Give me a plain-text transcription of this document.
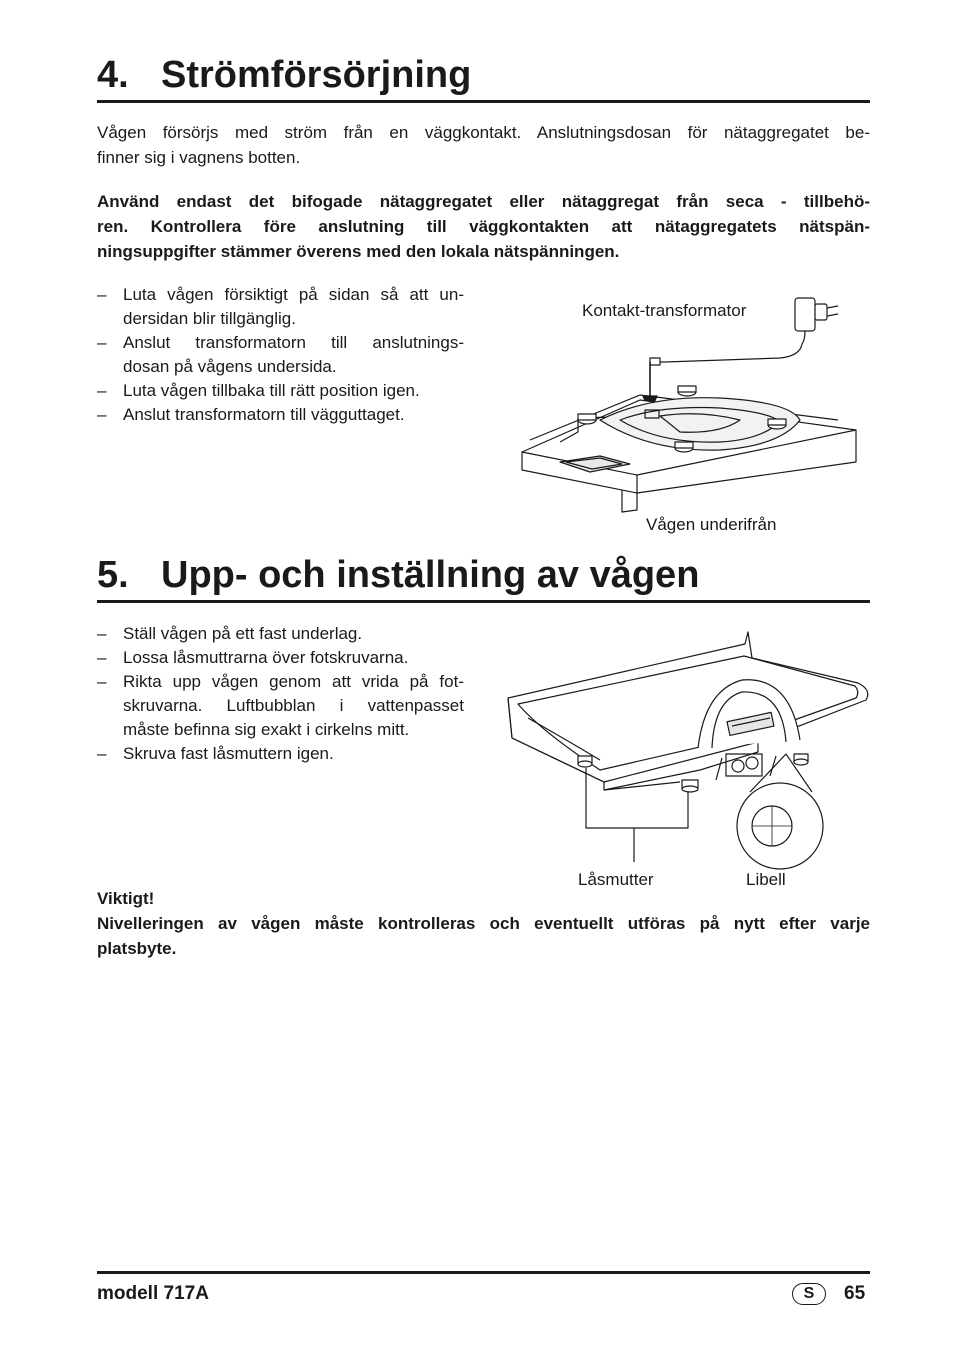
4. Strömförsörjning
Vågen försörjs med ström från en väggkontakt. Anslutningsdosan för nätaggregatet be-
finner sig i vagnens botten.
Använd endast det bifogade nätaggregatet eller nätaggregat från seca - tillbehö-
ren. Kontrollera före anslutning till väggkontakten att nätaggregatets nätspän-
ningsuppgifter stämmer överens med den lokala nätspänningen.
– Luta vågen försiktigt på sidan så att un-
dersidan blir tillgänglig.
– Anslut transformatorn till anslutnings-
dosan på vågens undersida.
– Luta vågen tillbaka till rätt position igen.
– Anslut transformatorn till vägguttaget.
Kontakt-transformator
Vågen underifrån
5. Upp- och inställning av vågen
– Ställ vågen på ett fast underlag.
– Lossa låsmuttrarna över fotskruvarna.
– Rikta upp vågen genom att vrida på fot-
skruvarna. Luftbubblan i vattenpasset
måste befinna sig exakt i cirkelns mitt.
– Skruva fast låsmuttern igen.
Låsmutter	Libell
Viktigt!
Nivelleringen av vågen måste kontrolleras och eventuellt utföras på nytt efter varje
platsbyte.
modell 717A	S	65
